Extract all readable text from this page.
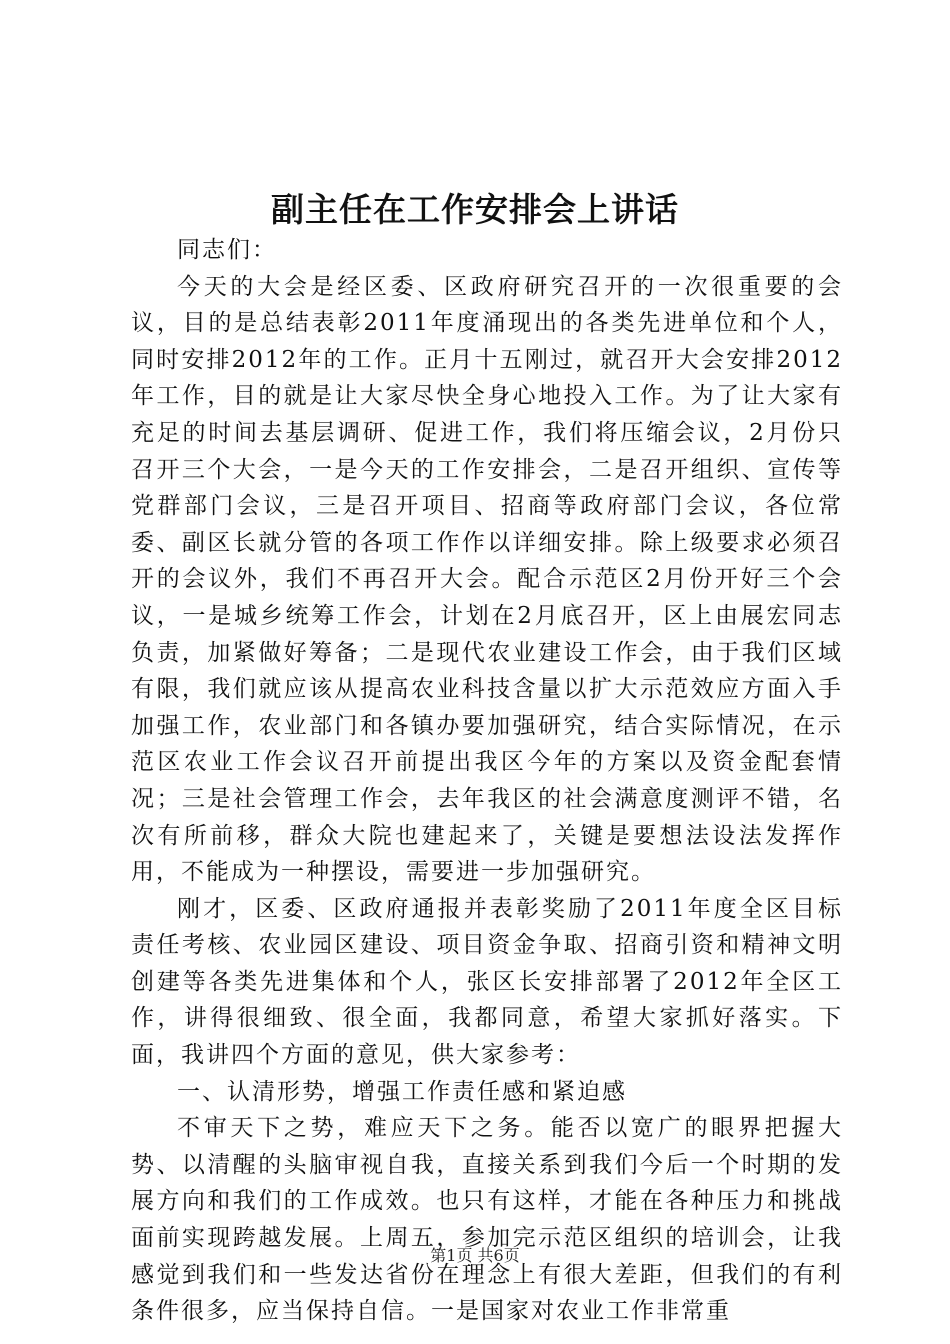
副主任在工作安排会上讲话

同志们：

今天的大会是经区委、区政府研究召开的一次很重要的会议，目的是总结表彰2011年度涌现出的各类先进单位和个人，同时安排2012年的工作。正月十五刚过，就召开大会安排2012年工作，目的就是让大家尽快全身心地投入工作。为了让大家有充足的时间去基层调研、促进工作，我们将压缩会议，2月份只召开三个大会，一是今天的工作安排会，二是召开组织、宣传等党群部门会议，三是召开项目、招商等政府部门会议，各位常委、副区长就分管的各项工作作以详细安排。除上级要求必须召开的会议外，我们不再召开大会。配合示范区2月份开好三个会议，一是城乡统筹工作会，计划在2月底召开，区上由展宏同志负责，加紧做好筹备；二是现代农业建设工作会，由于我们区域有限，我们就应该从提高农业科技含量以扩大示范效应方面入手加强工作，农业部门和各镇办要加强研究，结合实际情况，在示范区农业工作会议召开前提出我区今年的方案以及资金配套情况；三是社会管理工作会，去年我区的社会满意度测评不错，名次有所前移，群众大院也建起来了，关键是要想法设法发挥作用，不能成为一种摆设，需要进一步加强研究。

刚才，区委、区政府通报并表彰奖励了2011年度全区目标责任考核、农业园区建设、项目资金争取、招商引资和精神文明创建等各类先进集体和个人，张区长安排部署了2012年全区工作，讲得很细致、很全面，我都同意，希望大家抓好落实。下面，我讲四个方面的意见，供大家参考：

一、认清形势，增强工作责任感和紧迫感

不审天下之势，难应天下之务。能否以宽广的眼界把握大势、以清醒的头脑审视自我，直接关系到我们今后一个时期的发展方向和我们的工作成效。也只有这样，才能在各种压力和挑战面前实现跨越发展。上周五，参加完示范区组织的培训会，让我感觉到我们和一些发达省份在理念上有很大差距，但我们的有利条件很多，应当保持自信。一是国家对农业工作非常重

第1页 共6页
